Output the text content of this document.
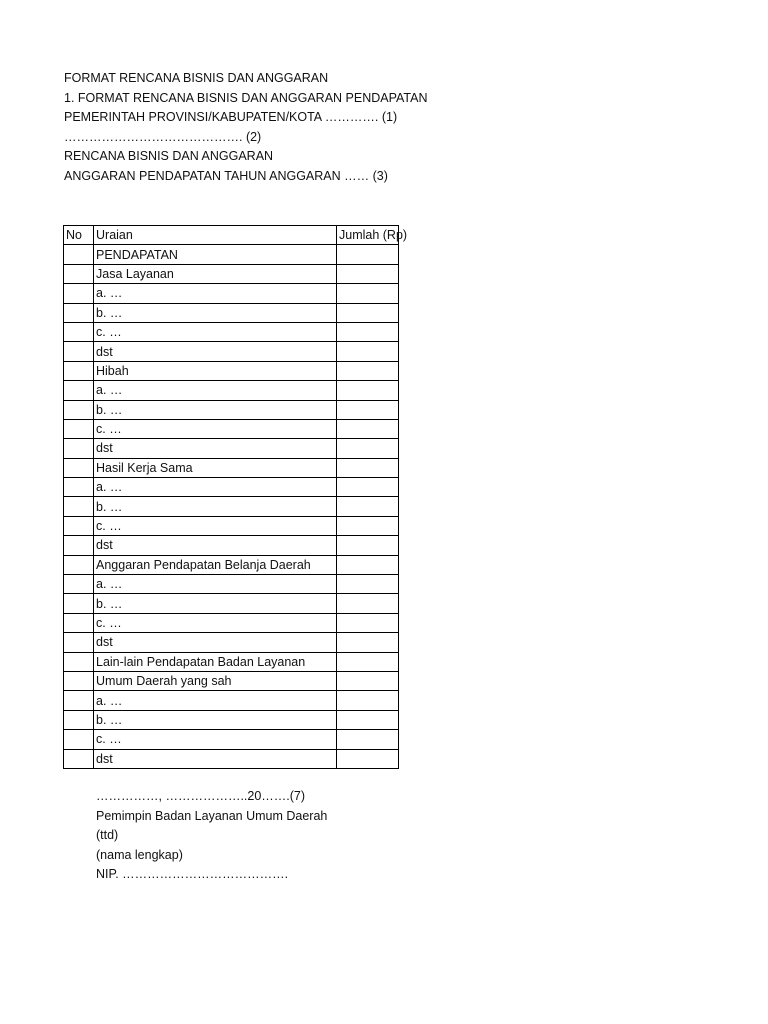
FORMAT RENCANA BISNIS DAN ANGGARAN
1. FORMAT RENCANA BISNIS DAN ANGGARAN PENDAPATAN
PEMERINTAH PROVINSI/KABUPATEN/KOTA …………. (1)
……………………………………. (2)
RENCANA BISNIS DAN ANGGARAN
ANGGARAN PENDAPATAN TAHUN ANGGARAN …… (3)
No	Uraian	Jumlah (Rp)
	PENDAPATAN	
	Jasa Layanan	
	a. …	
	b. …	
	c. …	
	dst	
	Hibah	
	a. …	
	b. …	
	c. …	
	dst	
	Hasil Kerja Sama	
	a. …	
	b. …	
	c. …	
	dst	
	Anggaran Pendapatan Belanja Daerah	
	a. …	
	b. …	
	c. …	
	dst	
	Lain-lain Pendapatan Badan Layanan	
	Umum Daerah yang sah	
	a. …	
	b. …	
	c. …	
	dst	
……………, ………………..20…….(7)
Pemimpin Badan Layanan Umum Daerah
(ttd)
(nama lengkap)
NIP. ………………………………….
